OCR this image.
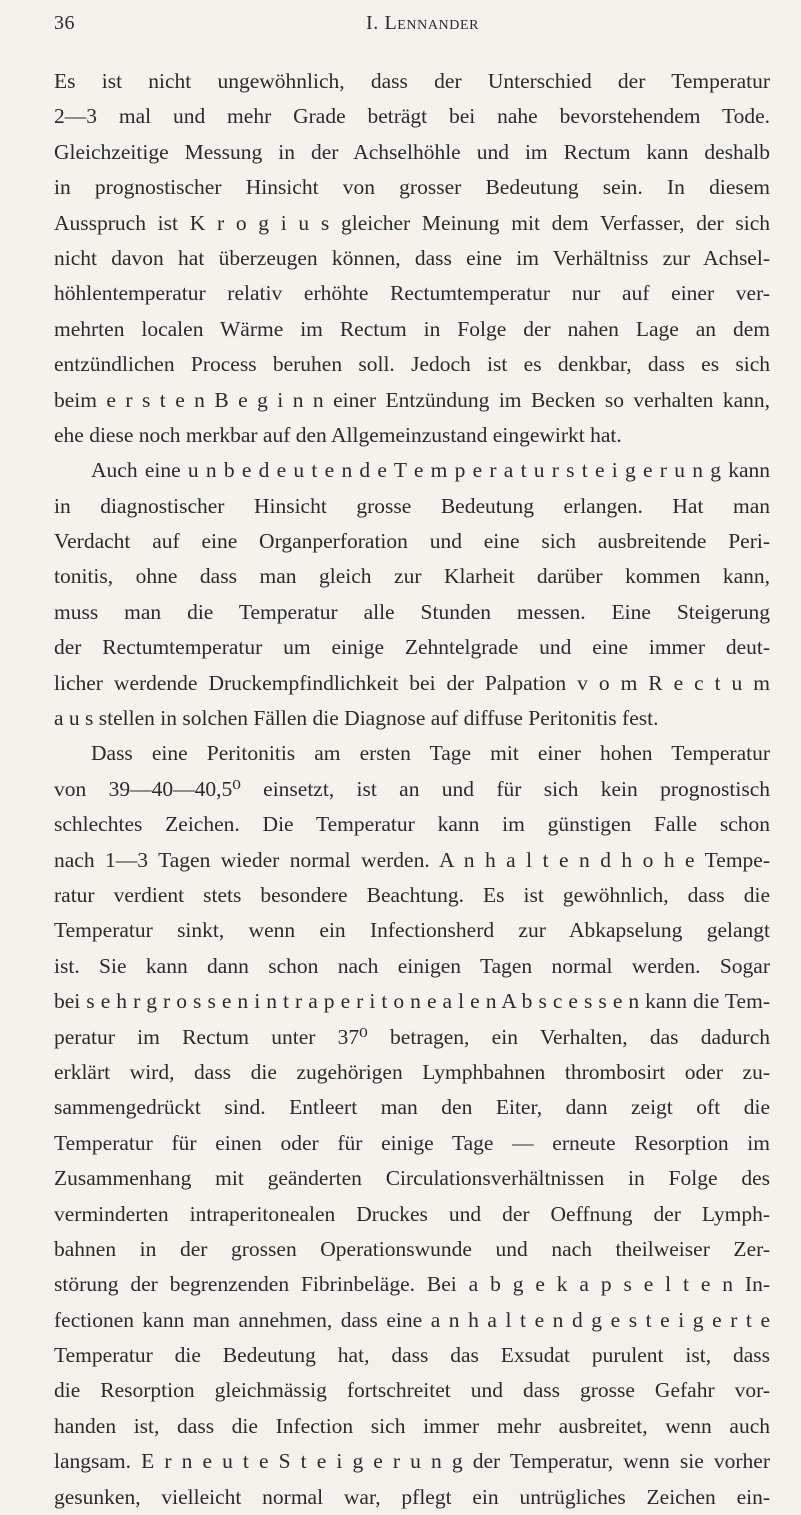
36	I. Lennander
Es ist nicht ungewöhnlich, dass der Unterschied der Temperatur
2—3 mal und mehr Grade beträgt bei nahe bevorstehendem Tode.
Gleichzeitige Messung in der Achselhöhle und im Rectum kann deshalb
in prognostischer Hinsicht von grosser Bedeutung sein. In diesem
Ausspruch ist K r o g i u s gleicher Meinung mit dem Verfasser, der sich
nicht davon hat überzeugen können, dass eine im Verhältniss zur Achsel-
höhlentemperatur relativ erhöhte Rectumtemperatur nur auf einer ver-
mehrten localen Wärme im Rectum in Folge der nahen Lage an dem
entzündlichen Process beruhen soll. Jedoch ist es denkbar, dass es sich
beim e r s t e n B e g i n n einer Entzündung im Becken so verhalten kann,
ehe diese noch merkbar auf den Allgemeinzustand eingewirkt hat.
Auch eine u n b e d e u t e n d e T e m p e r a t u r s t e i g e r u n g kann
in diagnostischer Hinsicht grosse Bedeutung erlangen. Hat man
Verdacht auf eine Organperforation und eine sich ausbreitende Peri-
tonitis, ohne dass man gleich zur Klarheit darüber kommen kann,
muss man die Temperatur alle Stunden messen. Eine Steigerung
der Rectumtemperatur um einige Zehntelgrade und eine immer deut-
licher werdende Druckempfindlichkeit bei der Palpation v o m R e c t u m
a u s stellen in solchen Fällen die Diagnose auf diffuse Peritonitis fest.
Dass eine Peritonitis am ersten Tage mit einer hohen Temperatur
von 39—40—40,5⁰ einsetzt, ist an und für sich kein prognostisch
schlechtes Zeichen. Die Temperatur kann im günstigen Falle schon
nach 1—3 Tagen wieder normal werden. A n h a l t e n d h o h e Tempe-
ratur verdient stets besondere Beachtung. Es ist gewöhnlich, dass die
Temperatur sinkt, wenn ein Infectionsherd zur Abkapselung gelangt
ist. Sie kann dann schon nach einigen Tagen normal werden. Sogar
bei s e h r g r o s s e n i n t r a p e r i t o n e a l e n A b s c e s s e n kann die Tem-
peratur im Rectum unter 37⁰ betragen, ein Verhalten, das dadurch
erklärt wird, dass die zugehörigen Lymphbahnen thrombosirt oder zu-
sammengedrückt sind. Entleert man den Eiter, dann zeigt oft die
Temperatur für einen oder für einige Tage — erneute Resorption im
Zusammenhang mit geänderten Circulationsverhältnissen in Folge des
verminderten intraperitonealen Druckes und der Oeffnung der Lymph-
bahnen in der grossen Operationswunde und nach theilweiser Zer-
störung der begrenzenden Fibrinbeläge. Bei a b g e k a p s e l t e n In-
fectionen kann man annehmen, dass eine a n h a l t e n d g e s t e i g e r t e
Temperatur die Bedeutung hat, dass das Exsudat purulent ist, dass
die Resorption gleichmässig fortschreitet und dass grosse Gefahr vor-
handen ist, dass die Infection sich immer mehr ausbreitet, wenn auch
langsam. E r n e u t e S t e i g e r u n g der Temperatur, wenn sie vorher
gesunken, vielleicht normal war, pflegt ein untrügliches Zeichen ein-
